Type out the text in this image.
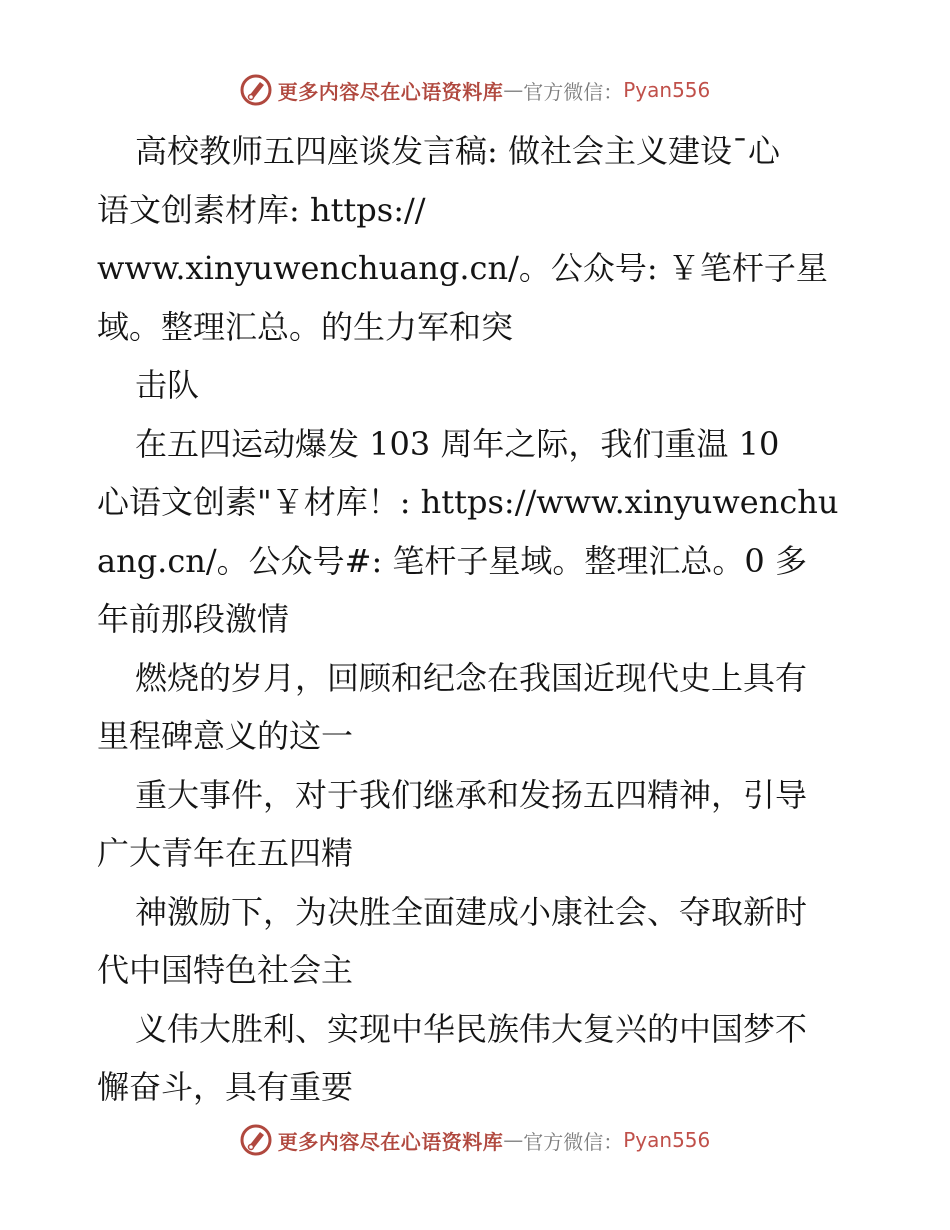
更多内容尽在心语资料库 — 官方微信： Pyan556
高校教师五四座谈发言稿: 做社会主义建设¯心
语文创素材库: https://
www.xinyuwenchuang.cn/。公众号: ￥笔杆子星
域。整理汇总。的生力军和突
击队
在五四运动爆发 103 周年之际，我们重温 10
心语文创素"￥材库！: https://www.xinyuwenchu
ang.cn/。公众号#: 笔杆子星域。整理汇总。0 多
年前那段激情
燃烧的岁月，回顾和纪念在我国近现代史上具有
里程碑意义的这一
重大事件，对于我们继承和发扬五四精神，引导
广大青年在五四精
神激励下，为决胜全面建成小康社会、夺取新时
代中国特色社会主
义伟大胜利、实现中华民族伟大复兴的中国梦不
懈奋斗，具有重要
更多内容尽在心语资料库 — 官方微信： Pyan556
